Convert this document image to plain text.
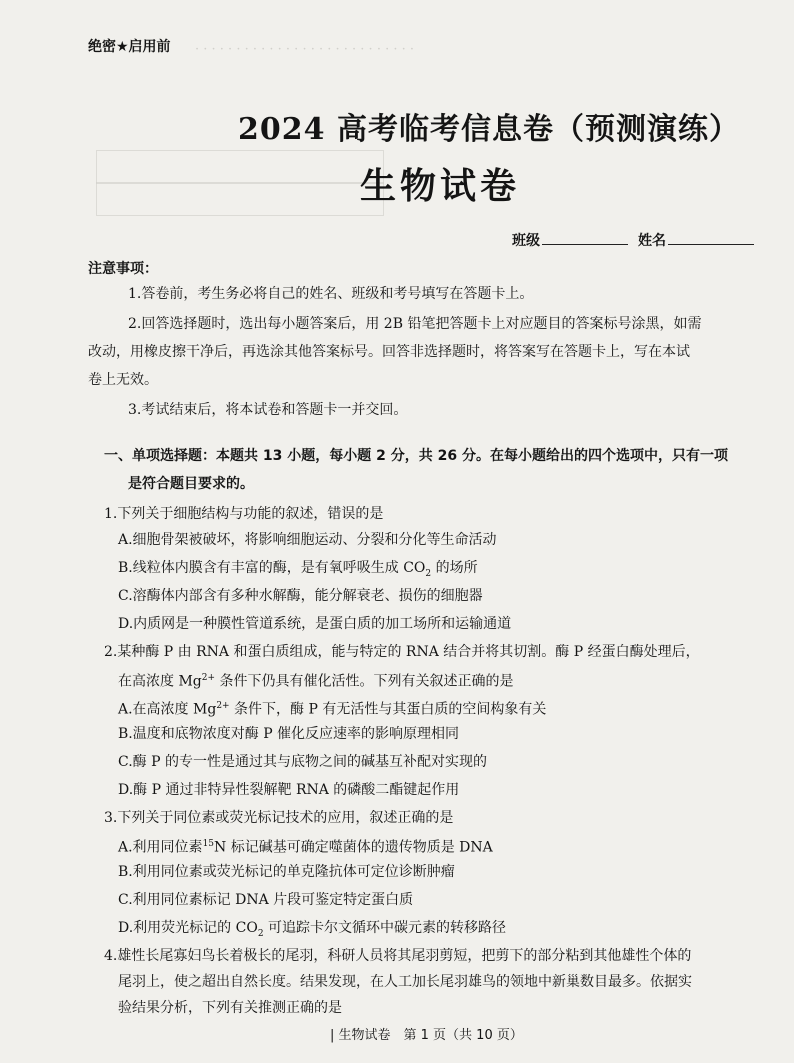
· · · · · · · · · · · · · · · · · · · · · · · · · · ·
绝密★启用前
2024 高考临考信息卷（预测演练）
生物试卷
班级	姓名
注意事项：
1.答卷前，考生务必将自己的姓名、班级和考号填写在答题卡上。
2.回答选择题时，选出每小题答案后，用 2B 铅笔把答题卡上对应题目的答案标号涂黑，如需
改动，用橡皮擦干净后，再选涂其他答案标号。回答非选择题时，将答案写在答题卡上，写在本试
卷上无效。
3.考试结束后，将本试卷和答题卡一并交回。
一、单项选择题：本题共 13 小题，每小题 2 分，共 26 分。在每小题给出的四个选项中，只有一项
是符合题目要求的。
1.下列关于细胞结构与功能的叙述，错误的是
A.细胞骨架被破坏，将影响细胞运动、分裂和分化等生命活动
B.线粒体内膜含有丰富的酶，是有氧呼吸生成 $CO_2$ 的场所
C.溶酶体内部含有多种水解酶，能分解衰老、损伤的细胞器
D.内质网是一种膜性管道系统，是蛋白质的加工场所和运输通道
2.某种酶 P 由 RNA 和蛋白质组成，能与特定的 RNA 结合并将其切割。酶 P 经蛋白酶处理后，
在高浓度 $Mg^{2+}$ 条件下仍具有催化活性。下列有关叙述正确的是
A.在高浓度 $Mg^{2+}$ 条件下，酶 P 有无活性与其蛋白质的空间构象有关
B.温度和底物浓度对酶 P 催化反应速率的影响原理相同
C.酶 P 的专一性是通过其与底物之间的碱基互补配对实现的
D.酶 P 通过非特异性裂解靶 RNA 的磷酸二酯键起作用
3.下列关于同位素或荧光标记技术的应用，叙述正确的是
A.利用同位素$^{15}$N 标记碱基可确定噬菌体的遗传物质是 DNA
B.利用同位素或荧光标记的单克隆抗体可定位诊断肿瘤
C.利用同位素标记 DNA 片段可鉴定特定蛋白质
D.利用荧光标记的 $CO_2$ 可追踪卡尔文循环中碳元素的转移路径
4.雄性长尾寡妇鸟长着极长的尾羽，科研人员将其尾羽剪短，把剪下的部分粘到其他雄性个体的
尾羽上，使之超出自然长度。结果发现，在人工加长尾羽雄鸟的领地中新巢数目最多。依据实
验结果分析，下列有关推测正确的是
| 生物试卷　第 1 页（共 10 页）
